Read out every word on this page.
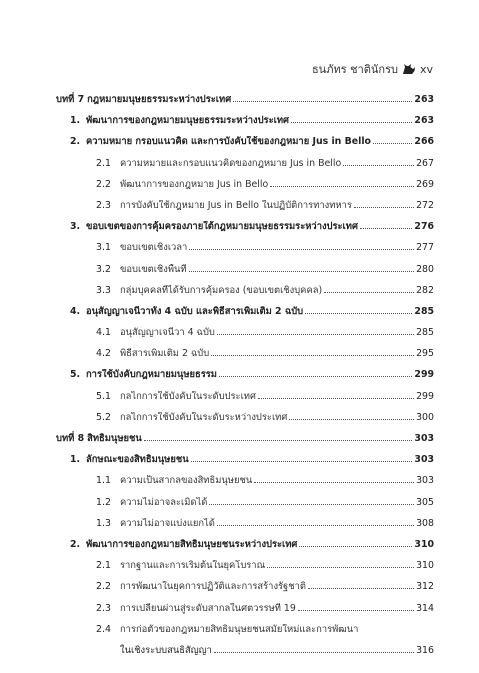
ธนภัทร ชาตินักรบ xv
บทที่ 7 กฎหมายมนุษยธรรมระหว่างประเทศ	263
1. พัฒนาการของกฎหมายมนุษยธรรมระหว่างประเทศ	263
2. ความหมาย กรอบแนวคิด และการบังคับใช้ของกฎหมาย Jus in Bello	266
2.1 ความหมายและกรอบแนวคิดของกฎหมาย Jus in Bello	267
2.2 พัฒนาการของกฎหมาย Jus in Bello	269
2.3 การบังคับใช้กฎหมาย Jus in Bello ในปฏิบัติการทางทหาร	272
3. ขอบเขตของการคุ้มครองภายใต้กฎหมายมนุษยธรรมระหว่างประเทศ	276
3.1 ขอบเขตเชิงเวลา	277
3.2 ขอบเขตเชิงพื้นที่	280
3.3 กลุ่มบุคคลที่ได้รับการคุ้มครอง (ขอบเขตเชิงบุคคล)	282
4. อนุสัญญาเจนีวาทั้ง 4 ฉบับ และพิธีสารเพิ่มเติม 2 ฉบับ	285
4.1 อนุสัญญาเจนีวา 4 ฉบับ	285
4.2 พิธีสารเพิ่มเติม 2 ฉบับ	295
5. การใช้บังคับกฎหมายมนุษยธรรม	299
5.1 กลไกการใช้บังคับในระดับประเทศ	299
5.2 กลไกการใช้บังคับในระดับระหว่างประเทศ	300
บทที่ 8 สิทธิมนุษยชน	303
1. ลักษณะของสิทธิมนุษยชน	303
1.1 ความเป็นสากลของสิทธิมนุษยชน	303
1.2 ความไม่อาจละเมิดได้	305
1.3 ความไม่อาจแบ่งแยกได้	308
2. พัฒนาการของกฎหมายสิทธิมนุษยชนระหว่างประเทศ	310
2.1 รากฐานและการเริ่มต้นในยุคโบราณ	310
2.2 การพัฒนาในยุคการปฏิวัติและการสร้างรัฐชาติ	312
2.3 การเปลี่ยนผ่านสู่ระดับสากลในศตวรรษที่ 19	314
2.4 การก่อตัวของกฎหมายสิทธิมนุษยชนสมัยใหม่และการพัฒนา
ในเชิงระบบสนธิสัญญา	316
